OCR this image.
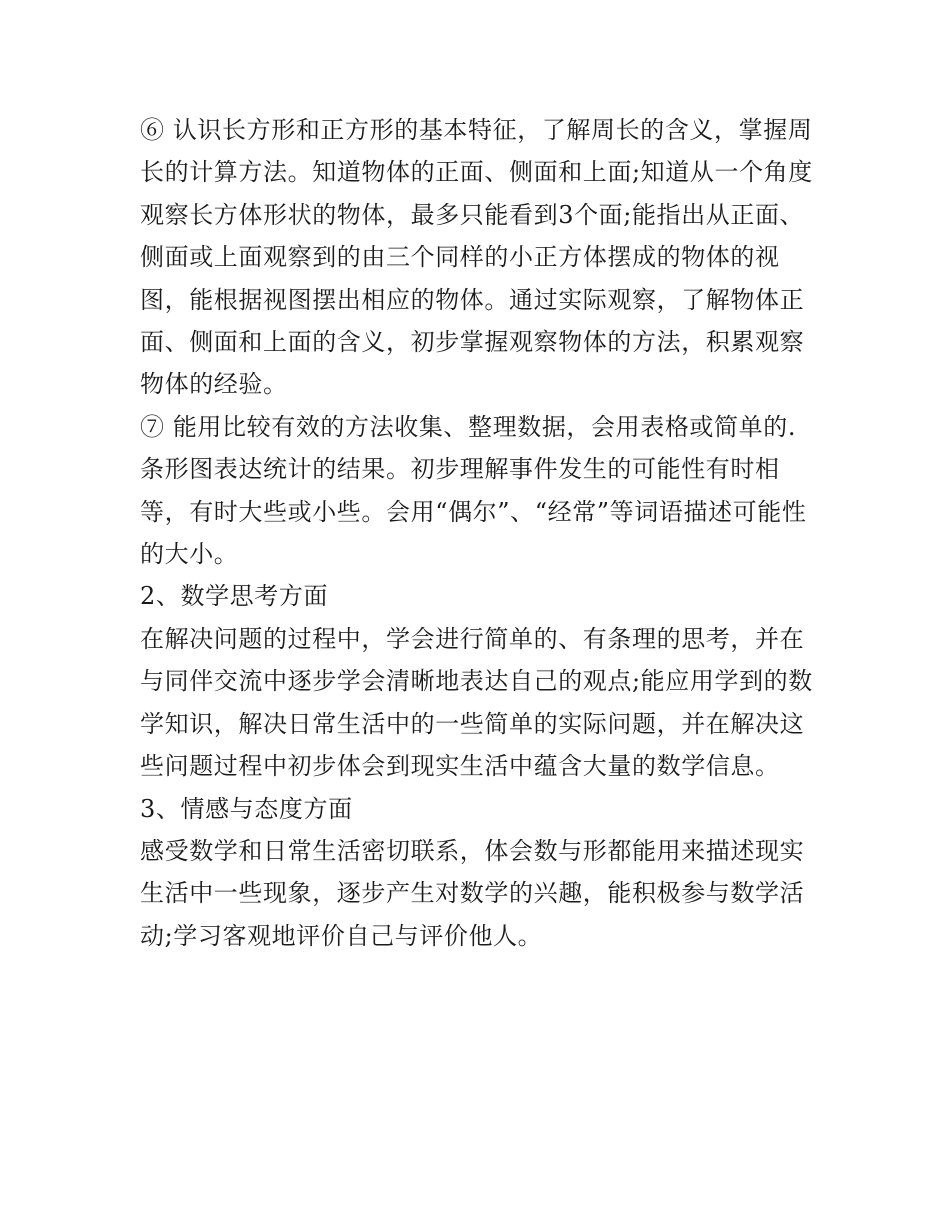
⑥ 认识长方形和正方形的基本特征，了解周长的含义，掌握周长的计算方法。知道物体的正面、侧面和上面;知道从一个角度观察长方体形状的物体，最多只能看到3个面;能指出从正面、侧面或上面观察到的由三个同样的小正方体摆成的物体的视图，能根据视图摆出相应的物体。通过实际观察，了解物体正面、侧面和上面的含义，初步掌握观察物体的方法，积累观察物体的经验。

⑦ 能用比较有效的方法收集、整理数据，会用表格或简单的.条形图表达统计的结果。初步理解事件发生的可能性有时相等，有时大些或小些。会用“偶尔”、“经常”等词语描述可能性的大小。

2、数学思考方面

在解决问题的过程中，学会进行简单的、有条理的思考，并在与同伴交流中逐步学会清晰地表达自己的观点;能应用学到的数学知识，解决日常生活中的一些简单的实际问题，并在解决这些问题过程中初步体会到现实生活中蕴含大量的数学信息。

3、情感与态度方面

感受数学和日常生活密切联系，体会数与形都能用来描述现实生活中一些现象，逐步产生对数学的兴趣，能积极参与数学活动;学习客观地评价自己与评价他人。
